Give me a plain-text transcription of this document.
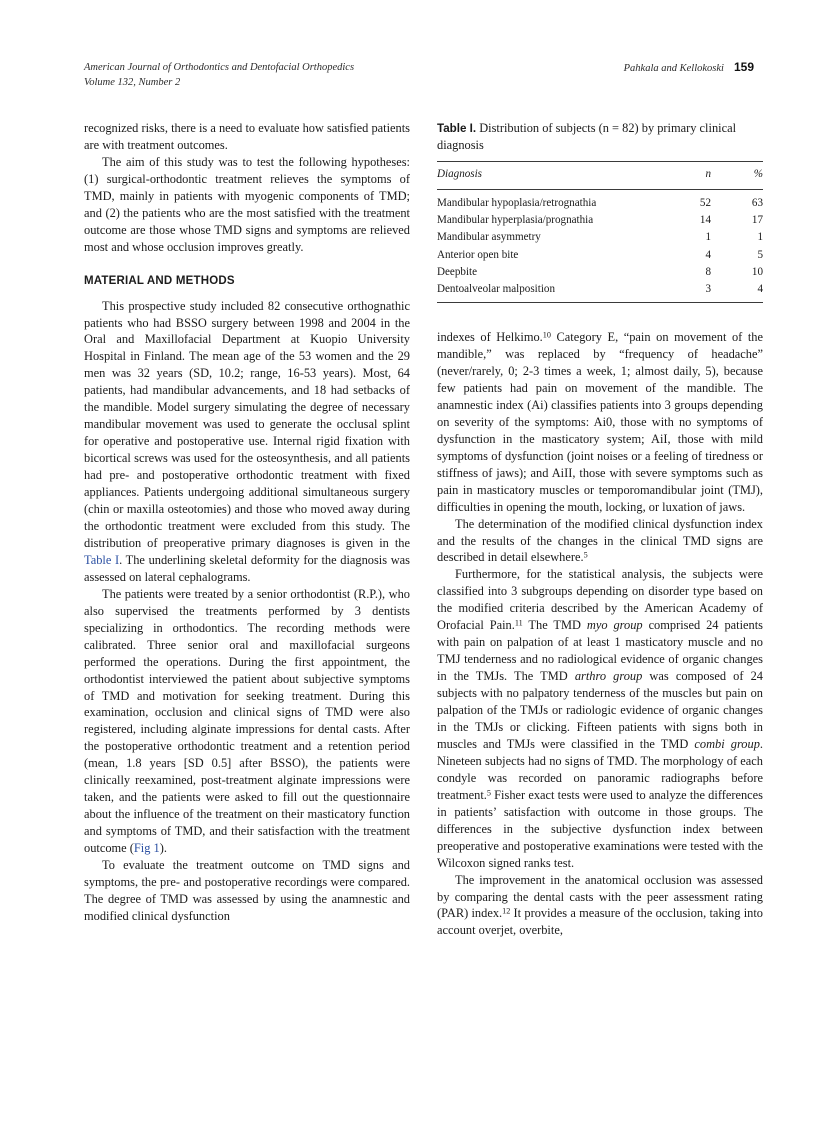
American Journal of Orthodontics and Dentofacial Orthopedics
Volume 132, Number 2
Pahkala and Kellokoski 159

recognized risks, there is a need to evaluate how satisfied patients are with treatment outcomes.

The aim of this study was to test the following hypotheses: (1) surgical-orthodontic treatment relieves the symptoms of TMD, mainly in patients with myogenic components of TMD; and (2) the patients who are the most satisfied with the treatment outcome are those whose TMD signs and symptoms are relieved most and whose occlusion improves greatly.

MATERIAL AND METHODS

This prospective study included 82 consecutive orthognathic patients who had BSSO surgery between 1998 and 2004 in the Oral and Maxillofacial Department at Kuopio University Hospital in Finland. The mean age of the 53 women and the 29 men was 32 years (SD, 10.2; range, 16-53 years). Most, 64 patients, had mandibular advancements, and 18 had setbacks of the mandible. Model surgery simulating the degree of necessary mandibular movement was used to generate the occlusal splint for operative and postoperative use. Internal rigid fixation with bicortical screws was used for the osteosynthesis, and all patients had pre- and postoperative orthodontic treatment with fixed appliances. Patients undergoing additional simultaneous surgery (chin or maxilla osteotomies) and those who moved away during the orthodontic treatment were excluded from this study. The distribution of preoperative primary diagnoses is given in the Table I. The underlining skeletal deformity for the diagnosis was assessed on lateral cephalograms.

The patients were treated by a senior orthodontist (R.P.), who also supervised the treatments performed by 3 dentists specializing in orthodontics. The recording methods were calibrated. Three senior oral and maxillofacial surgeons performed the operations. During the first appointment, the orthodontist interviewed the patient about subjective symptoms of TMD and motivation for seeking treatment. During this examination, occlusion and clinical signs of TMD were also registered, including alginate impressions for dental casts. After the postoperative orthodontic treatment and a retention period (mean, 1.8 years [SD 0.5] after BSSO), the patients were clinically reexamined, post-treatment alginate impressions were taken, and the patients were asked to fill out the questionnaire about the influence of the treatment on their masticatory function and symptoms of TMD, and their satisfaction with the treatment outcome (Fig 1).

To evaluate the treatment outcome on TMD signs and symptoms, the pre- and postoperative recordings were compared. The degree of TMD was assessed by using the anamnestic and modified clinical dysfunction

Table I. Distribution of subjects (n = 82) by primary clinical diagnosis
Diagnosis	n	%
Mandibular hypoplasia/retrognathia	52	63
Mandibular hyperplasia/prognathia	14	17
Mandibular asymmetry	1	1
Anterior open bite	4	5
Deepbite	8	10
Dentoalveolar malposition	3	4

indexes of Helkimo.$^{10}$ Category E, “pain on movement of the mandible,” was replaced by “frequency of headache” (never/rarely, 0; 2-3 times a week, 1; almost daily, 5), because few patients had pain on movement of the mandible. The anamnestic index (Ai) classifies patients into 3 groups depending on severity of the symptoms: Ai0, those with no symptoms of dysfunction in the masticatory system; AiI, those with mild symptoms of dysfunction (joint noises or a feeling of tiredness or stiffness of jaws); and AiII, those with severe symptoms such as pain in masticatory muscles or temporomandibular joint (TMJ), difficulties in opening the mouth, locking, or luxation of jaws.

The determination of the modified clinical dysfunction index and the results of the changes in the clinical TMD signs are described in detail elsewhere.$^5$

Furthermore, for the statistical analysis, the subjects were classified into 3 subgroups depending on disorder type based on the modified criteria described by the American Academy of Orofacial Pain.$^{11}$ The TMD myo group comprised 24 patients with pain on palpation of at least 1 masticatory muscle and no TMJ tenderness and no radiological evidence of organic changes in the TMJs. The TMD arthro group was composed of 24 subjects with no palpatory tenderness of the muscles but pain on palpation of the TMJs or radiologic evidence of organic changes in the TMJs or clicking. Fifteen patients with signs both in muscles and TMJs were classified in the TMD combi group. Nineteen subjects had no signs of TMD. The morphology of each condyle was recorded on panoramic radiographs before treatment.$^5$ Fisher exact tests were used to analyze the differences in patients’ satisfaction with outcome in those groups. The differences in the subjective dysfunction index between preoperative and postoperative examinations were tested with the Wilcoxon signed ranks test.

The improvement in the anatomical occlusion was assessed by comparing the dental casts with the peer assessment rating (PAR) index.$^{12}$ It provides a measure of the occlusion, taking into account overjet, overbite,
